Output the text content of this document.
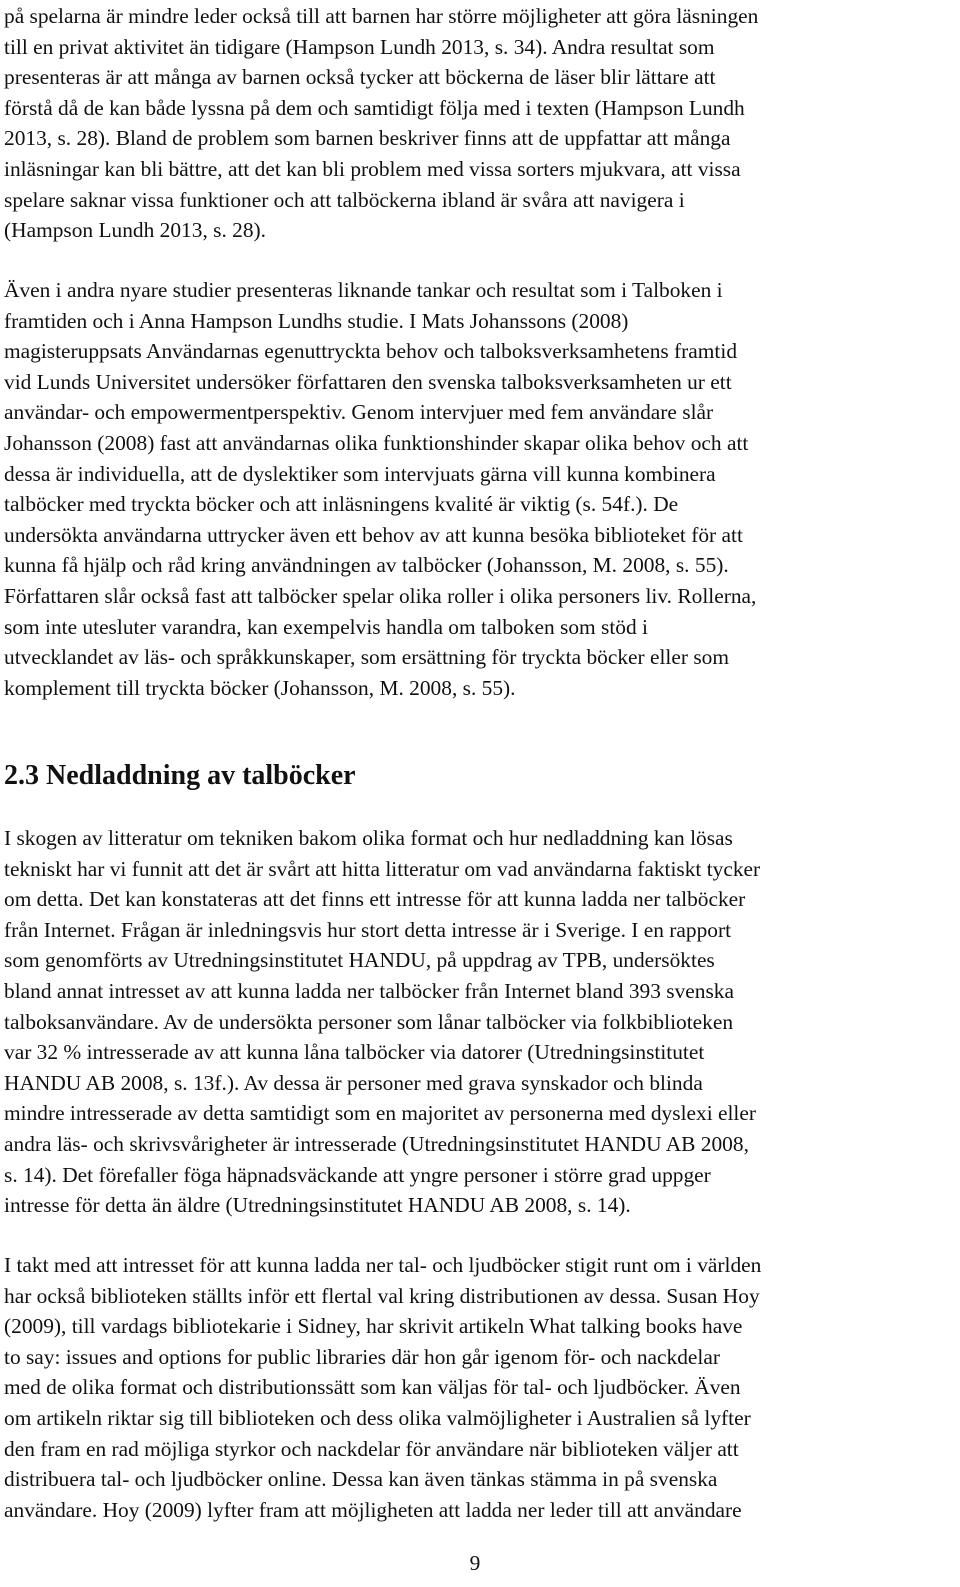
på spelarna är mindre leder också till att barnen har större möjligheter att göra läsningen
till en privat aktivitet än tidigare (Hampson Lundh 2013, s. 34). Andra resultat som
presenteras är att många av barnen också tycker att böckerna de läser blir lättare att
förstå då de kan både lyssna på dem och samtidigt följa med i texten (Hampson Lundh
2013, s. 28). Bland de problem som barnen beskriver finns att de uppfattar att många
inläsningar kan bli bättre, att det kan bli problem med vissa sorters mjukvara, att vissa
spelare saknar vissa funktioner och att talböckerna ibland är svåra att navigera i
(Hampson Lundh 2013, s. 28).
Även i andra nyare studier presenteras liknande tankar och resultat som i Talboken i
framtiden och i Anna Hampson Lundhs studie. I Mats Johanssons (2008)
magisteruppsats Användarnas egenuttryckta behov och talboksverksamhetens framtid
vid Lunds Universitet undersöker författaren den svenska talboksverksamheten ur ett
användar- och empowermentperspektiv. Genom intervjuer med fem användare slår
Johansson (2008) fast att användarnas olika funktionshinder skapar olika behov och att
dessa är individuella, att de dyslektiker som intervjuats gärna vill kunna kombinera
talböcker med tryckta böcker och att inläsningens kvalité är viktig (s. 54f.). De
undersökta användarna uttrycker även ett behov av att kunna besöka biblioteket för att
kunna få hjälp och råd kring användningen av talböcker (Johansson, M. 2008, s. 55).
Författaren slår också fast att talböcker spelar olika roller i olika personers liv. Rollerna,
som inte utesluter varandra, kan exempelvis handla om talboken som stöd i
utvecklandet av läs- och språkkunskaper, som ersättning för tryckta böcker eller som
komplement till tryckta böcker (Johansson, M. 2008, s. 55).
2.3 Nedladdning av talböcker
I skogen av litteratur om tekniken bakom olika format och hur nedladdning kan lösas
tekniskt har vi funnit att det är svårt att hitta litteratur om vad användarna faktiskt tycker
om detta. Det kan konstateras att det finns ett intresse för att kunna ladda ner talböcker
från Internet. Frågan är inledningsvis hur stort detta intresse är i Sverige. I en rapport
som genomförts av Utredningsinstitutet HANDU, på uppdrag av TPB, undersöktes
bland annat intresset av att kunna ladda ner talböcker från Internet bland 393 svenska
talboksanvändare. Av de undersökta personer som lånar talböcker via folkbiblioteken
var 32 % intresserade av att kunna låna talböcker via datorer (Utredningsinstitutet
HANDU AB 2008, s. 13f.). Av dessa är personer med grava synskador och blinda
mindre intresserade av detta samtidigt som en majoritet av personerna med dyslexi eller
andra läs- och skrivsvårigheter är intresserade (Utredningsinstitutet HANDU AB 2008,
s. 14). Det förefaller föga häpnadsväckande att yngre personer i större grad uppger
intresse för detta än äldre (Utredningsinstitutet HANDU AB 2008, s. 14).
I takt med att intresset för att kunna ladda ner tal- och ljudböcker stigit runt om i världen
har också biblioteken ställts inför ett flertal val kring distributionen av dessa. Susan Hoy
(2009), till vardags bibliotekarie i Sidney, har skrivit artikeln What talking books have
to say: issues and options for public libraries där hon går igenom för- och nackdelar
med de olika format och distributionssätt som kan väljas för tal- och ljudböcker. Även
om artikeln riktar sig till biblioteken och dess olika valmöjligheter i Australien så lyfter
den fram en rad möjliga styrkor och nackdelar för användare när biblioteken väljer att
distribuera tal- och ljudböcker online. Dessa kan även tänkas stämma in på svenska
användare. Hoy (2009) lyfter fram att möjligheten att ladda ner leder till att användare
9
